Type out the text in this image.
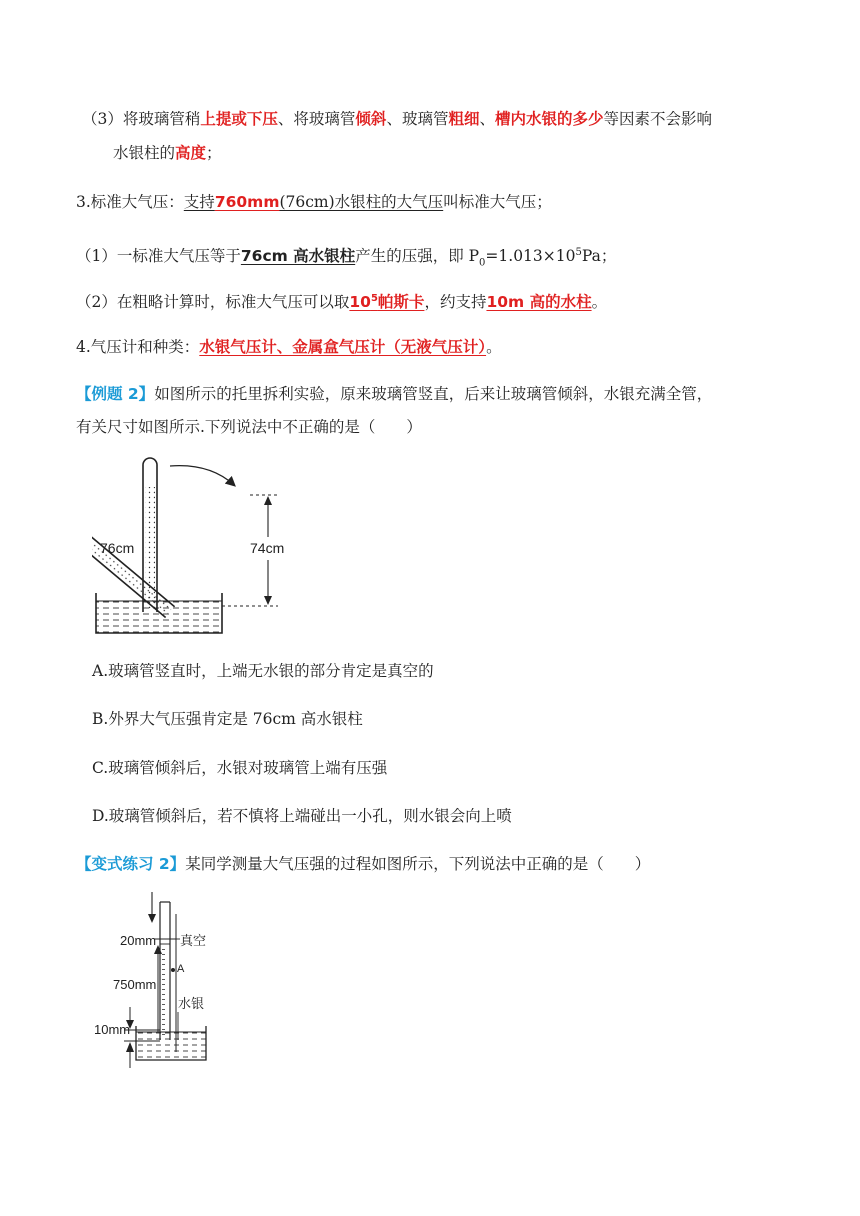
（3）将玻璃管稍上提或下压、将玻璃管倾斜、玻璃管粗细、槽内水银的多少等因素不会影响
水银柱的高度；
3.标准大气压：支持760mm(76cm)水银柱的大气压叫标准大气压；
（1）一标准大气压等于76cm 高水银柱产生的压强，即 $P_0=1.013\times 10^5Pa$；
（2）在粗略计算时，标准大气压可以取$10^5$帕斯卡，约支持10m 高的水柱。
4.气压计和种类：水银气压计、金属盒气压计（无液气压计）。
【例题 2】如图所示的托里拆利实验，原来玻璃管竖直，后来让玻璃管倾斜，水银充满全管，
有关尺寸如图所示.下列说法中不正确的是（　　）
74cm
76cm
A.玻璃管竖直时，上端无水银的部分肯定是真空的
B.外界大气压强肯定是 76cm 高水银柱
C.玻璃管倾斜后，水银对玻璃管上端有压强
D.玻璃管倾斜后，若不慎将上端碰出一小孔，则水银会向上喷
【变式练习 2】某同学测量大气压强的过程如图所示，下列说法中正确的是（　　）
20mm 真空
750mm
A
水银
10mm
